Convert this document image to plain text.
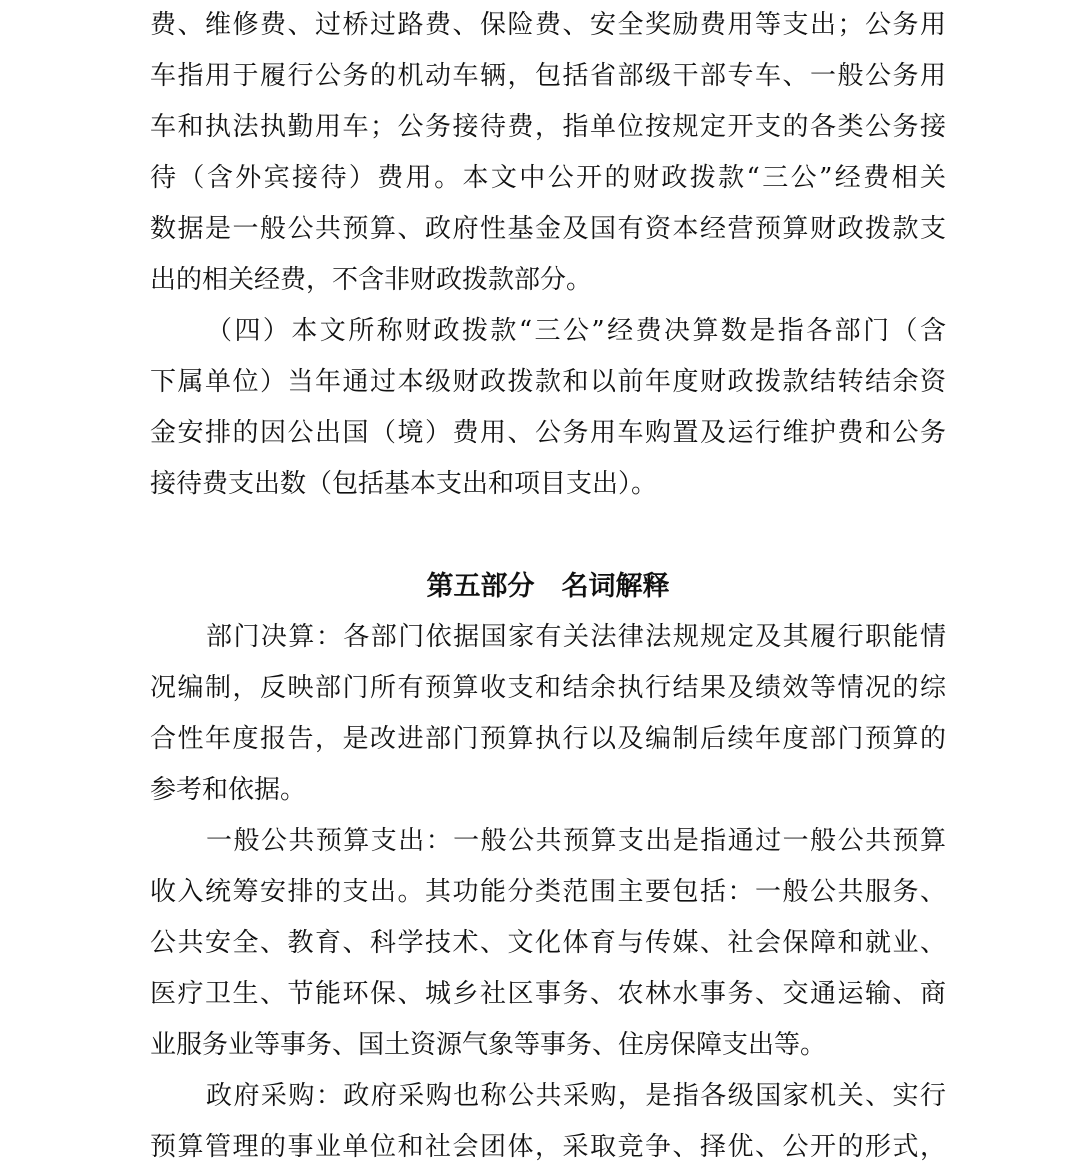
费、维修费、过桥过路费、保险费、安全奖励费用等支出；公务用
车指用于履行公务的机动车辆，包括省部级干部专车、一般公务用
车和执法执勤用车；公务接待费，指单位按规定开支的各类公务接
待（含外宾接待）费用。本文中公开的财政拨款“三公”经费相关
数据是一般公共预算、政府性基金及国有资本经营预算财政拨款支
出的相关经费，不含非财政拨款部分。
（四）本文所称财政拨款“三公”经费决算数是指各部门（含
下属单位）当年通过本级财政拨款和以前年度财政拨款结转结余资
金安排的因公出国（境）费用、公务用车购置及运行维护费和公务
接待费支出数（包括基本支出和项目支出）。
第五部分　名词解释
部门决算：各部门依据国家有关法律法规规定及其履行职能情
况编制，反映部门所有预算收支和结余执行结果及绩效等情况的综
合性年度报告，是改进部门预算执行以及编制后续年度部门预算的
参考和依据。
一般公共预算支出：一般公共预算支出是指通过一般公共预算
收入统筹安排的支出。其功能分类范围主要包括：一般公共服务、
公共安全、教育、科学技术、文化体育与传媒、社会保障和就业、
医疗卫生、节能环保、城乡社区事务、农林水事务、交通运输、商
业服务业等事务、国土资源气象等事务、住房保障支出等。
政府采购：政府采购也称公共采购，是指各级国家机关、实行
预算管理的事业单位和社会团体，采取竞争、择优、公开的形式，
